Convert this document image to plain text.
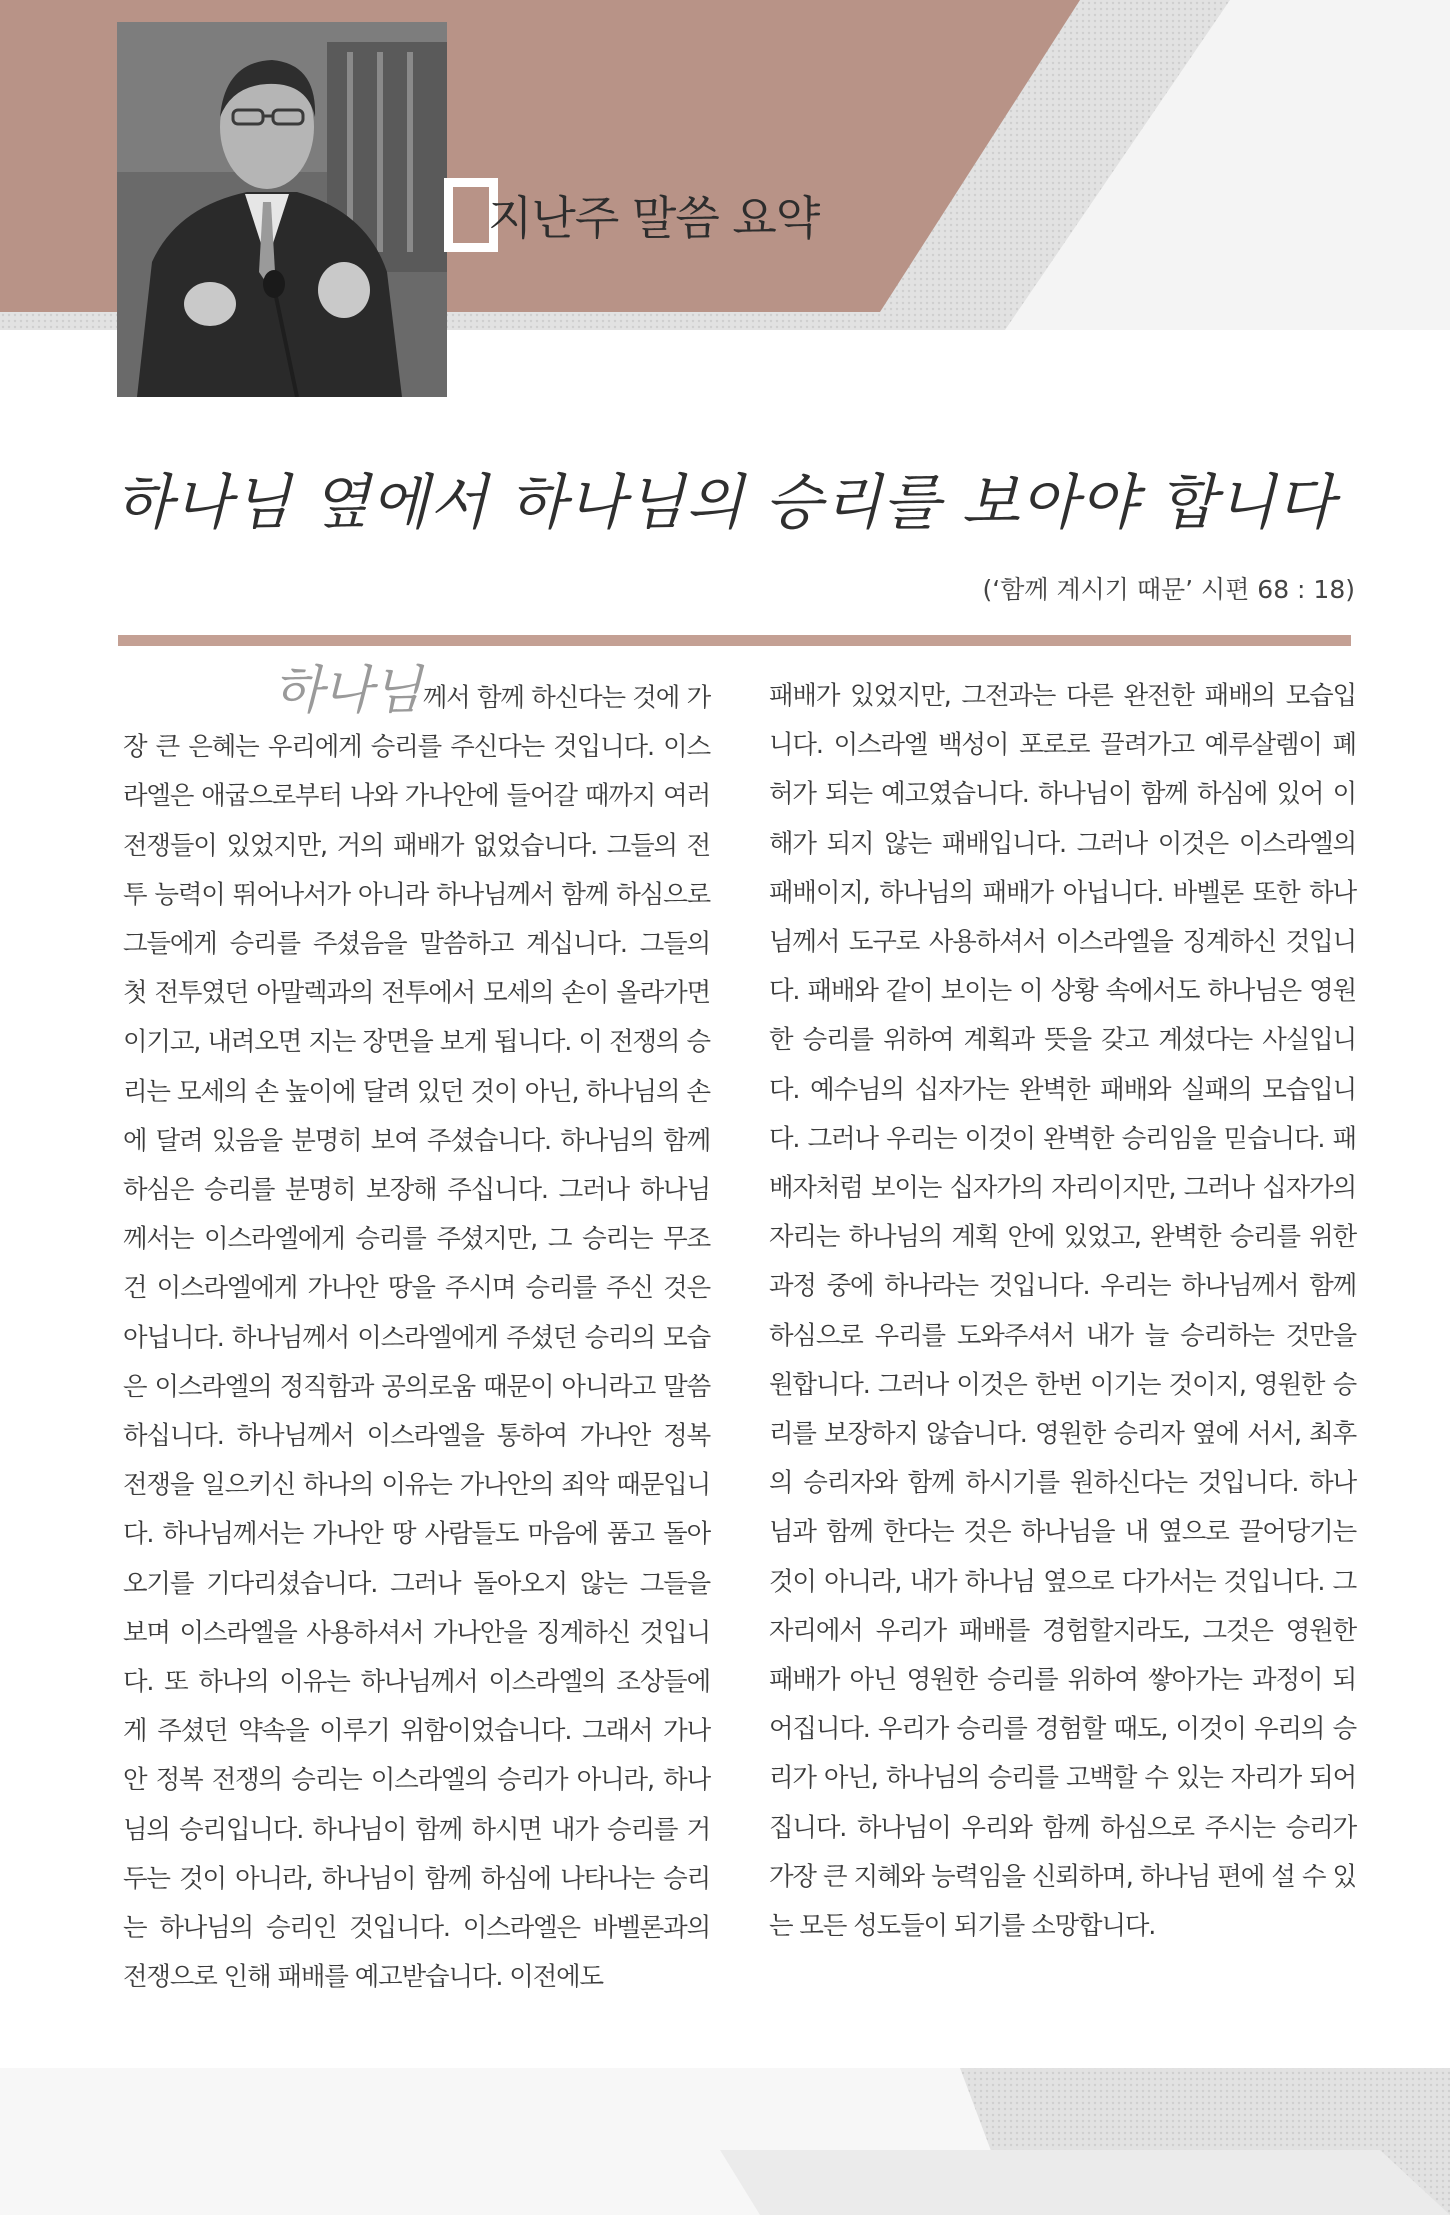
지난주 말씀 요약
하나님 옆에서 하나님의 승리를 보아야 합니다
(‘함께 계시기 때문’ 시편 68 : 18)
하나님께서 함께 하신다는 것에 가장 큰 은혜는 우리에게 승리를 주신다는 것입니다. 이스라엘은 애굽으로부터 나와 가나안에 들어갈 때까지 여러 전쟁들이 있었지만, 거의 패배가 없었습니다. 그들의 전투 능력이 뛰어나서가 아니라 하나님께서 함께 하심으로 그들에게 승리를 주셨음을 말씀하고 계십니다. 그들의 첫 전투였던 아말렉과의 전투에서 모세의 손이 올라가면 이기고, 내려오면 지는 장면을 보게 됩니다. 이 전쟁의 승리는 모세의 손 높이에 달려 있던 것이 아닌, 하나님의 손에 달려 있음을 분명히 보여 주셨습니다. 하나님의 함께 하심은 승리를 분명히 보장해 주십니다. 그러나 하나님께서는 이스라엘에게 승리를 주셨지만, 그 승리는 무조건 이스라엘에게 가나안 땅을 주시며 승리를 주신 것은 아닙니다. 하나님께서 이스라엘에게 주셨던 승리의 모습은 이스라엘의 정직함과 공의로움 때문이 아니라고 말씀하십니다. 하나님께서 이스라엘을 통하여 가나안 정복 전쟁을 일으키신 하나의 이유는 가나안의 죄악 때문입니다. 하나님께서는 가나안 땅 사람들도 마음에 품고 돌아오기를 기다리셨습니다. 그러나 돌아오지 않는 그들을 보며 이스라엘을 사용하셔서 가나안을 징계하신 것입니다. 또 하나의 이유는 하나님께서 이스라엘의 조상들에게 주셨던 약속을 이루기 위함이었습니다. 그래서 가나안 정복 전쟁의 승리는 이스라엘의 승리가 아니라, 하나님의 승리입니다. 하나님이 함께 하시면 내가 승리를 거두는 것이 아니라, 하나님이 함께 하심에 나타나는 승리는 하나님의 승리인 것입니다. 이스라엘은 바벨론과의 전쟁으로 인해 패배를 예고받습니다. 이전에도
패배가 있었지만, 그전과는 다른 완전한 패배의 모습입니다. 이스라엘 백성이 포로로 끌려가고 예루살렘이 폐허가 되는 예고였습니다. 하나님이 함께 하심에 있어 이해가 되지 않는 패배입니다. 그러나 이것은 이스라엘의 패배이지, 하나님의 패배가 아닙니다. 바벨론 또한 하나님께서 도구로 사용하셔서 이스라엘을 징계하신 것입니다. 패배와 같이 보이는 이 상황 속에서도 하나님은 영원한 승리를 위하여 계획과 뜻을 갖고 계셨다는 사실입니다. 예수님의 십자가는 완벽한 패배와 실패의 모습입니다. 그러나 우리는 이것이 완벽한 승리임을 믿습니다. 패배자처럼 보이는 십자가의 자리이지만, 그러나 십자가의 자리는 하나님의 계획 안에 있었고, 완벽한 승리를 위한 과정 중에 하나라는 것입니다. 우리는 하나님께서 함께 하심으로 우리를 도와주셔서 내가 늘 승리하는 것만을 원합니다. 그러나 이것은 한번 이기는 것이지, 영원한 승리를 보장하지 않습니다. 영원한 승리자 옆에 서서, 최후의 승리자와 함께 하시기를 원하신다는 것입니다. 하나님과 함께 한다는 것은 하나님을 내 옆으로 끌어당기는 것이 아니라, 내가 하나님 옆으로 다가서는 것입니다. 그 자리에서 우리가 패배를 경험할지라도, 그것은 영원한 패배가 아닌 영원한 승리를 위하여 쌓아가는 과정이 되어집니다. 우리가 승리를 경험할 때도, 이것이 우리의 승리가 아닌, 하나님의 승리를 고백할 수 있는 자리가 되어집니다. 하나님이 우리와 함께 하심으로 주시는 승리가 가장 큰 지혜와 능력임을 신뢰하며, 하나님 편에 설 수 있는 모든 성도들이 되기를 소망합니다.
